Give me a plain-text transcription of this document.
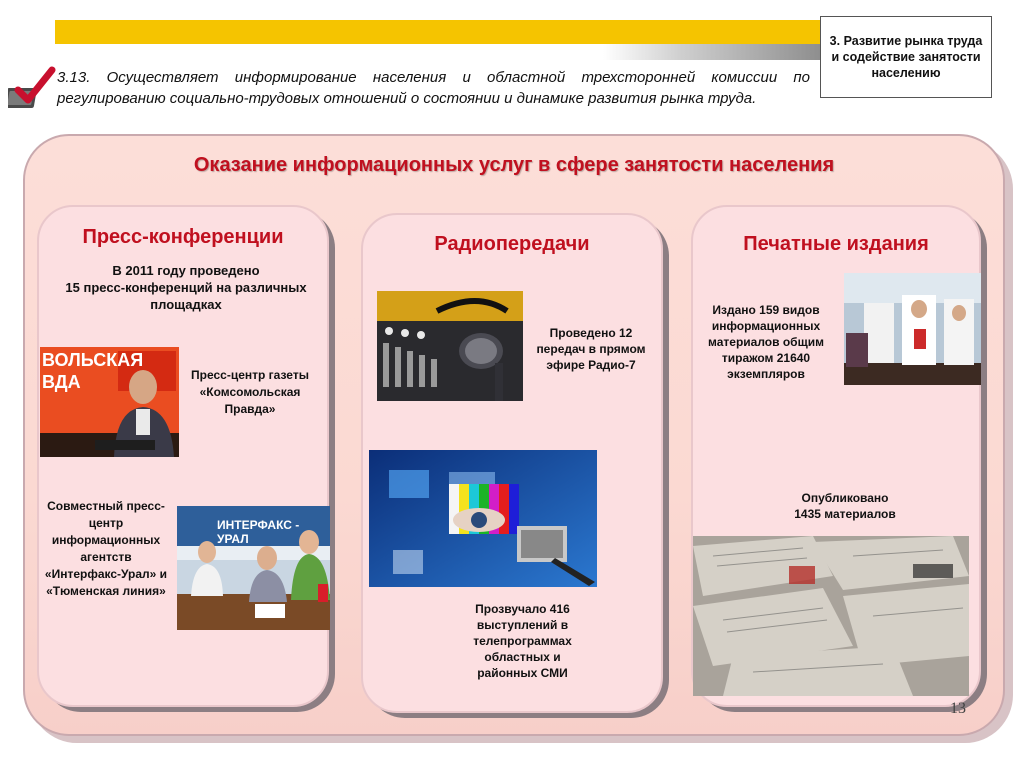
3. Развитие рынка труда и содействие занятости населению
3.13. Осуществляет информирование населения и областной трехсторонней комиссии по регулированию социально-трудовых отношений о состоянии и динамике развития рынка труда.
Оказание информационных услуг в сфере занятости населения
Пресс-конференции
В 2011 году проведено
15 пресс-конференций на различных площадках
ВОЛЬСКАЯ
ВДА	Пресс-центр газеты «Комсомольская Правда»
Совместный пресс-центр информационных агентств «Интерфакс-Урал» и «Тюменская линия»
ИНТЕРФАКС - УРАЛ
Радиопередачи
Проведено 12 передач в прямом эфире Радио-7
Прозвучало 416 выступлений в телепрограммах областных и районных СМИ
Печатные издания
Издано 159 видов информационных материалов общим тиражом 21640 экземпляров
Опубликовано
1435 материалов
13
